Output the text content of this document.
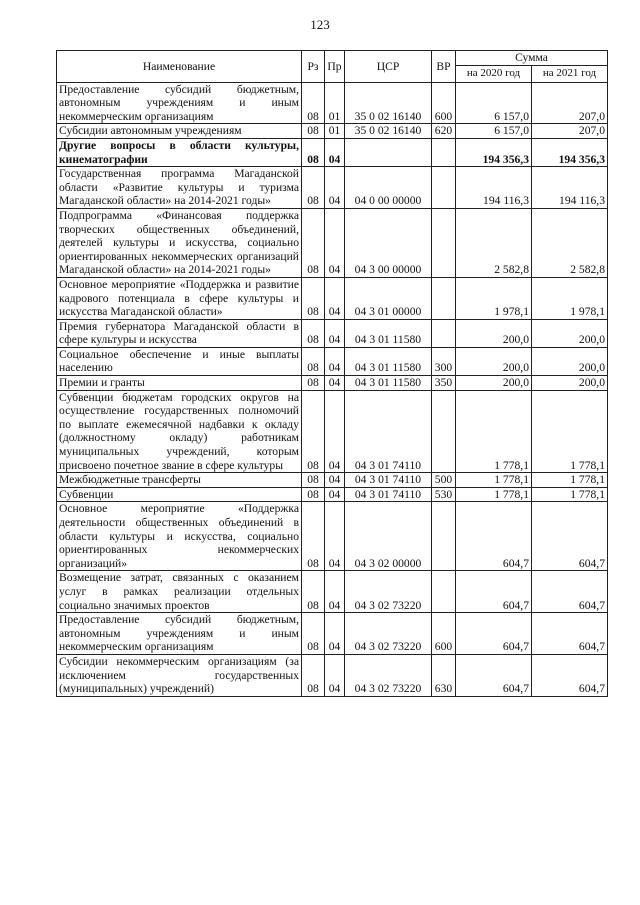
123
Наименование	Рз	Пр	ЦСР	ВР	Сумма	
					на 2020 год	на 2021 год
Предоставление субсидий бюджетным, автономным учреждениям и иным некоммерческим организациям	08	01	35 0 02 16140	600	6 157,0	207,0
Субсидии автономным учреждениям	08	01	35 0 02 16140	620	6 157,0	207,0
Другие вопросы в области культуры, кинематографии	08	04			194 356,3	194 356,3
Государственная программа Магаданской области «Развитие культуры и туризма Магаданской области» на 2014-2021 годы»	08	04	04 0 00 00000		194 116,3	194 116,3
Подпрограмма «Финансовая поддержка творческих общественных объединений, деятелей культуры и искусства, социально ориентированных некоммерческих организаций Магаданской области» на 2014-2021 годы»	08	04	04 3 00 00000		2 582,8	2 582,8
Основное мероприятие «Поддержка и развитие кадрового потенциала в сфере культуры и искусства Магаданской области»	08	04	04 3 01 00000		1 978,1	1 978,1
Премия губернатора Магаданской области в сфере культуры и искусства	08	04	04 3 01 11580		200,0	200,0
Социальное обеспечение и иные выплаты населению	08	04	04 3 01 11580	300	200,0	200,0
Премии и гранты	08	04	04 3 01 11580	350	200,0	200,0
Субвенции бюджетам городских округов на осуществление государственных полномочий по выплате ежемесячной надбавки к окладу (должностному окладу) работникам муниципальных учреждений, которым присвоено почетное звание в сфере культуры	08	04	04 3 01 74110		1 778,1	1 778,1
Межбюджетные трансферты	08	04	04 3 01 74110	500	1 778,1	1 778,1
Субвенции	08	04	04 3 01 74110	530	1 778,1	1 778,1
Основное мероприятие «Поддержка деятельности общественных объединений в области культуры и искусства, социально ориентированных некоммерческих организаций»	08	04	04 3 02 00000		604,7	604,7
Возмещение затрат, связанных с оказанием услуг в рамках реализации отдельных социально значимых проектов	08	04	04 3 02 73220		604,7	604,7
Предоставление субсидий бюджетным, автономным учреждениям и иным некоммерческим организациям	08	04	04 3 02 73220	600	604,7	604,7
Субсидии некоммерческим организациям (за исключением государственных (муниципальных) учреждений)	08	04	04 3 02 73220	630	604,7	604,7
